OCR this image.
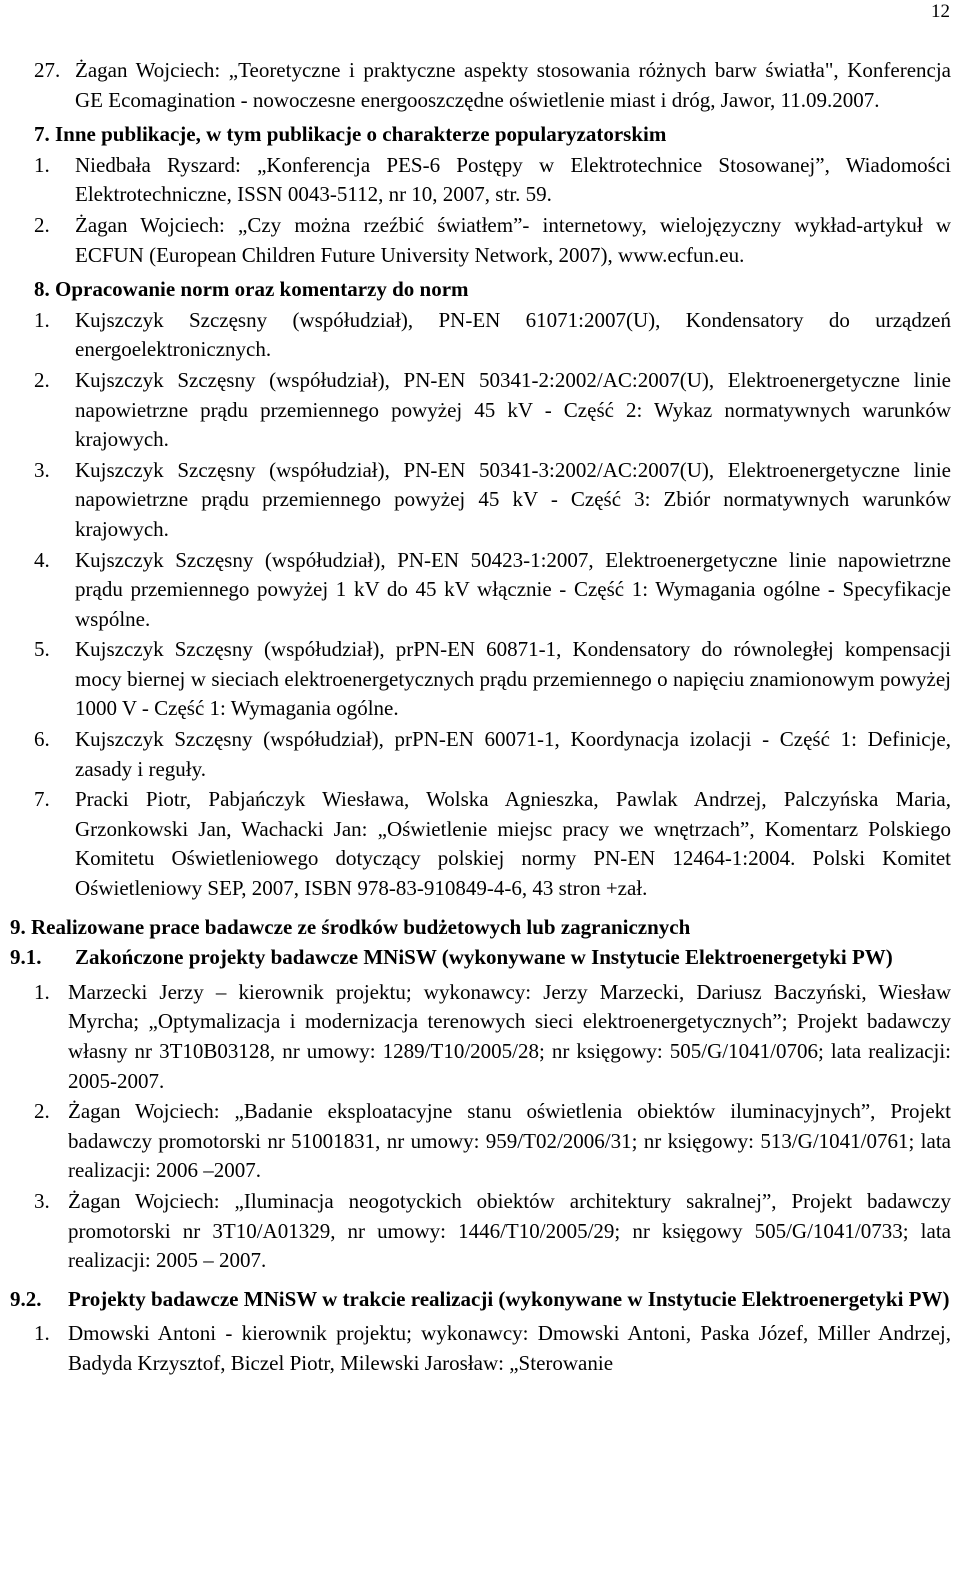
12
27. Żagan Wojciech: „Teoretyczne i praktyczne aspekty stosowania różnych barw światła", Konferencja GE Ecomagination - nowoczesne energooszczędne oświetlenie miast i dróg, Jawor, 11.09.2007.
7. Inne publikacje, w tym publikacje o charakterze popularyzatorskim
1.	Niedbała Ryszard: „Konferencja PES-6 Postępy w Elektrotechnice Stosowanej”, Wiadomości Elektrotechniczne, ISSN 0043-5112, nr 10, 2007, str. 59.
2.	Żagan Wojciech: „Czy można rzeźbić światłem”- internetowy, wielojęzyczny wykład-artykuł w ECFUN (European Children Future University Network, 2007), www.ecfun.eu.
8. Opracowanie norm oraz komentarzy do norm
1.	Kujszczyk Szczęsny (współudział), PN-EN 61071:2007(U), Kondensatory do urządzeń energoelektronicznych.
2.	Kujszczyk Szczęsny (współudział), PN-EN 50341-2:2002/AC:2007(U), Elektroenergetyczne linie napowietrzne prądu przemiennego powyżej 45 kV - Część 2: Wykaz normatywnych warunków krajowych.
3.	Kujszczyk Szczęsny (współudział), PN-EN 50341-3:2002/AC:2007(U), Elektroenergetyczne linie napowietrzne prądu przemiennego powyżej 45 kV - Część 3: Zbiór normatywnych warunków krajowych.
4.	Kujszczyk Szczęsny (współudział), PN-EN 50423-1:2007, Elektroenergetyczne linie napowietrzne prądu przemiennego powyżej 1 kV do 45 kV włącznie - Część 1: Wymagania ogólne - Specyfikacje wspólne.
5.	Kujszczyk Szczęsny (współudział), prPN-EN 60871-1, Kondensatory do równoległej kompensacji mocy biernej w sieciach elektroenergetycznych prądu przemiennego o napięciu znamionowym powyżej 1000 V - Część 1: Wymagania ogólne.
6.	Kujszczyk Szczęsny (współudział), prPN-EN 60071-1, Koordynacja izolacji - Część 1: Definicje, zasady i reguły.
7.	Pracki Piotr, Pabjańczyk Wiesława, Wolska Agnieszka, Pawlak Andrzej, Palczyńska Maria, Grzonkowski Jan, Wachacki Jan: „Oświetlenie miejsc pracy we wnętrzach”, Komentarz Polskiego Komitetu Oświetleniowego dotyczący polskiej normy PN-EN 12464-1:2004. Polski Komitet Oświetleniowy SEP, 2007, ISBN 978-83-910849-4-6, 43 stron +zał.
9. Realizowane prace badawcze ze środków budżetowych lub zagranicznych
9.1.	Zakończone projekty badawcze MNiSW (wykonywane w Instytucie Elektroenergetyki PW)
1. Marzecki Jerzy – kierownik projektu; wykonawcy: Jerzy Marzecki, Dariusz Baczyński, Wiesław Myrcha; „Optymalizacja i modernizacja terenowych sieci elektroenergetycznych”; Projekt badawczy własny nr 3T10B03128, nr umowy: 1289/T10/2005/28; nr księgowy: 505/G/1041/0706; lata realizacji: 2005-2007.
2. Żagan Wojciech: „Badanie eksploatacyjne stanu oświetlenia obiektów iluminacyjnych”, Projekt badawczy promotorski nr 51001831, nr umowy: 959/T02/2006/31; nr księgowy: 513/G/1041/0761; lata realizacji: 2006 –2007.
3. Żagan Wojciech: „Iluminacja neogotyckich obiektów architektury sakralnej”, Projekt badawczy promotorski nr 3T10/A01329, nr umowy: 1446/T10/2005/29; nr księgowy 505/G/1041/0733; lata realizacji: 2005 – 2007.
9.2.	Projekty badawcze MNiSW w trakcie realizacji (wykonywane w Instytucie Elektroenergetyki PW)
1. Dmowski Antoni - kierownik projektu; wykonawcy: Dmowski Antoni, Paska Józef, Miller Andrzej, Badyda Krzysztof, Biczel Piotr, Milewski Jarosław: „Sterowanie
